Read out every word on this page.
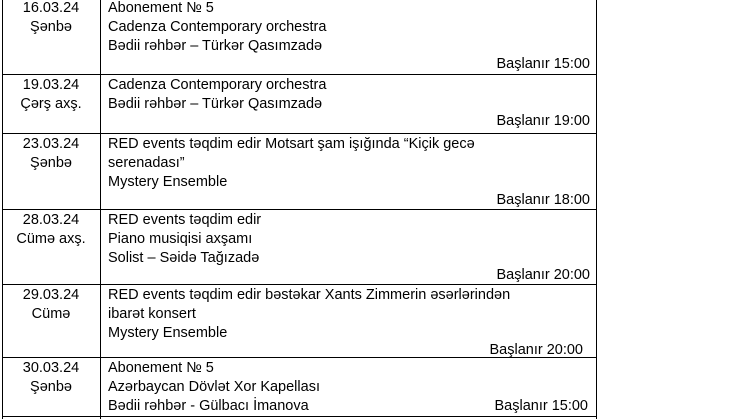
16.03.24
Şənbə
Abonement № 5
Cadenza Contemporary orchestra
Bədii rəhbər – Türkər Qasımzadə
Başlanır 15:00
19.03.24
Çərş axş.
Cadenza Contemporary orchestra
Bədii rəhbər – Türkər Qasımzadə
Başlanır 19:00
23.03.24
Şənbə
RED events təqdim edir Motsart şam işığında “Kiçik gecə
serenadası”
Mystery Ensemble
Başlanır 18:00
28.03.24
Cümə axş.
RED events təqdim edir
Piano musiqisi axşamı
Solist – Səidə Tağızadə
Başlanır 20:00
29.03.24
Cümə
RED events təqdim edir bəstəkar Xants Zimmerin əsərlərindən
ibarət konsert
Mystery Ensemble
Başlanır 20:00
30.03.24
Şənbə
Abonement № 5
Azərbaycan Dövlət Xor Kapellası
Bədii rəhbər - Gülbacı İmanova	Başlanır 15:00
